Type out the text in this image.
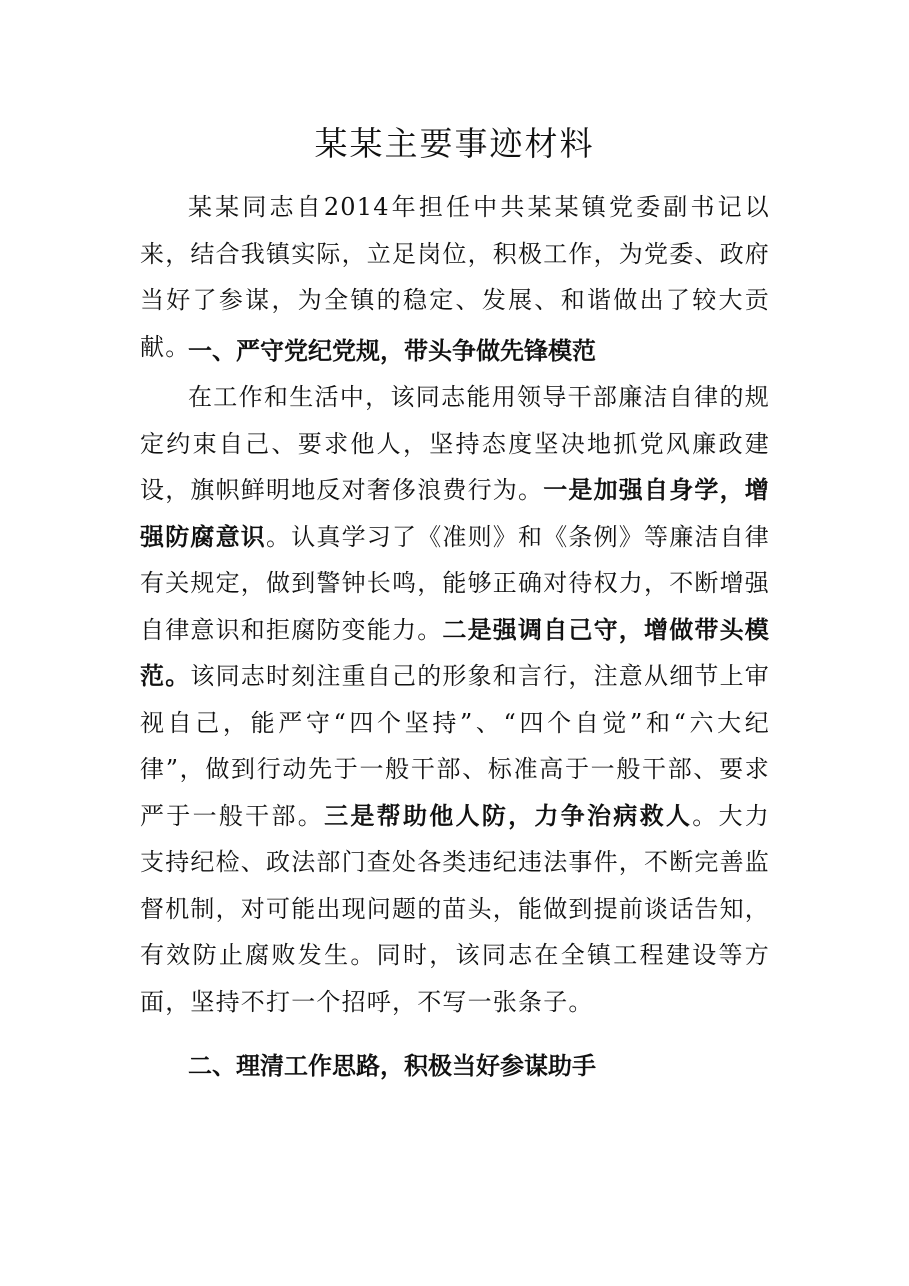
某某主要事迹材料
某某同志自2014年担任中共某某镇党委副书记以来，结合我镇实际，立足岗位，积极工作，为党委、政府当好了参谋，为全镇的稳定、发展、和谐做出了较大贡献。
一、严守党纪党规，带头争做先锋模范
在工作和生活中，该同志能用领导干部廉洁自律的规定约束自己、要求他人，坚持态度坚决地抓党风廉政建设，旗帜鲜明地反对奢侈浪费行为。一是加强自身学，增强防腐意识。认真学习了《准则》和《条例》等廉洁自律有关规定，做到警钟长鸣，能够正确对待权力，不断增强自律意识和拒腐防变能力。二是强调自己守，增做带头模范。该同志时刻注重自己的形象和言行，注意从细节上审视自己，能严守“四个坚持”、“四个自觉”和“六大纪律”，做到行动先于一般干部、标准高于一般干部、要求严于一般干部。三是帮助他人防，力争治病救人。大力支持纪检、政法部门查处各类违纪违法事件，不断完善监督机制，对可能出现问题的苗头，能做到提前谈话告知，有效防止腐败发生。同时，该同志在全镇工程建设等方面，坚持不打一个招呼，不写一张条子。
二、理清工作思路，积极当好参谋助手
